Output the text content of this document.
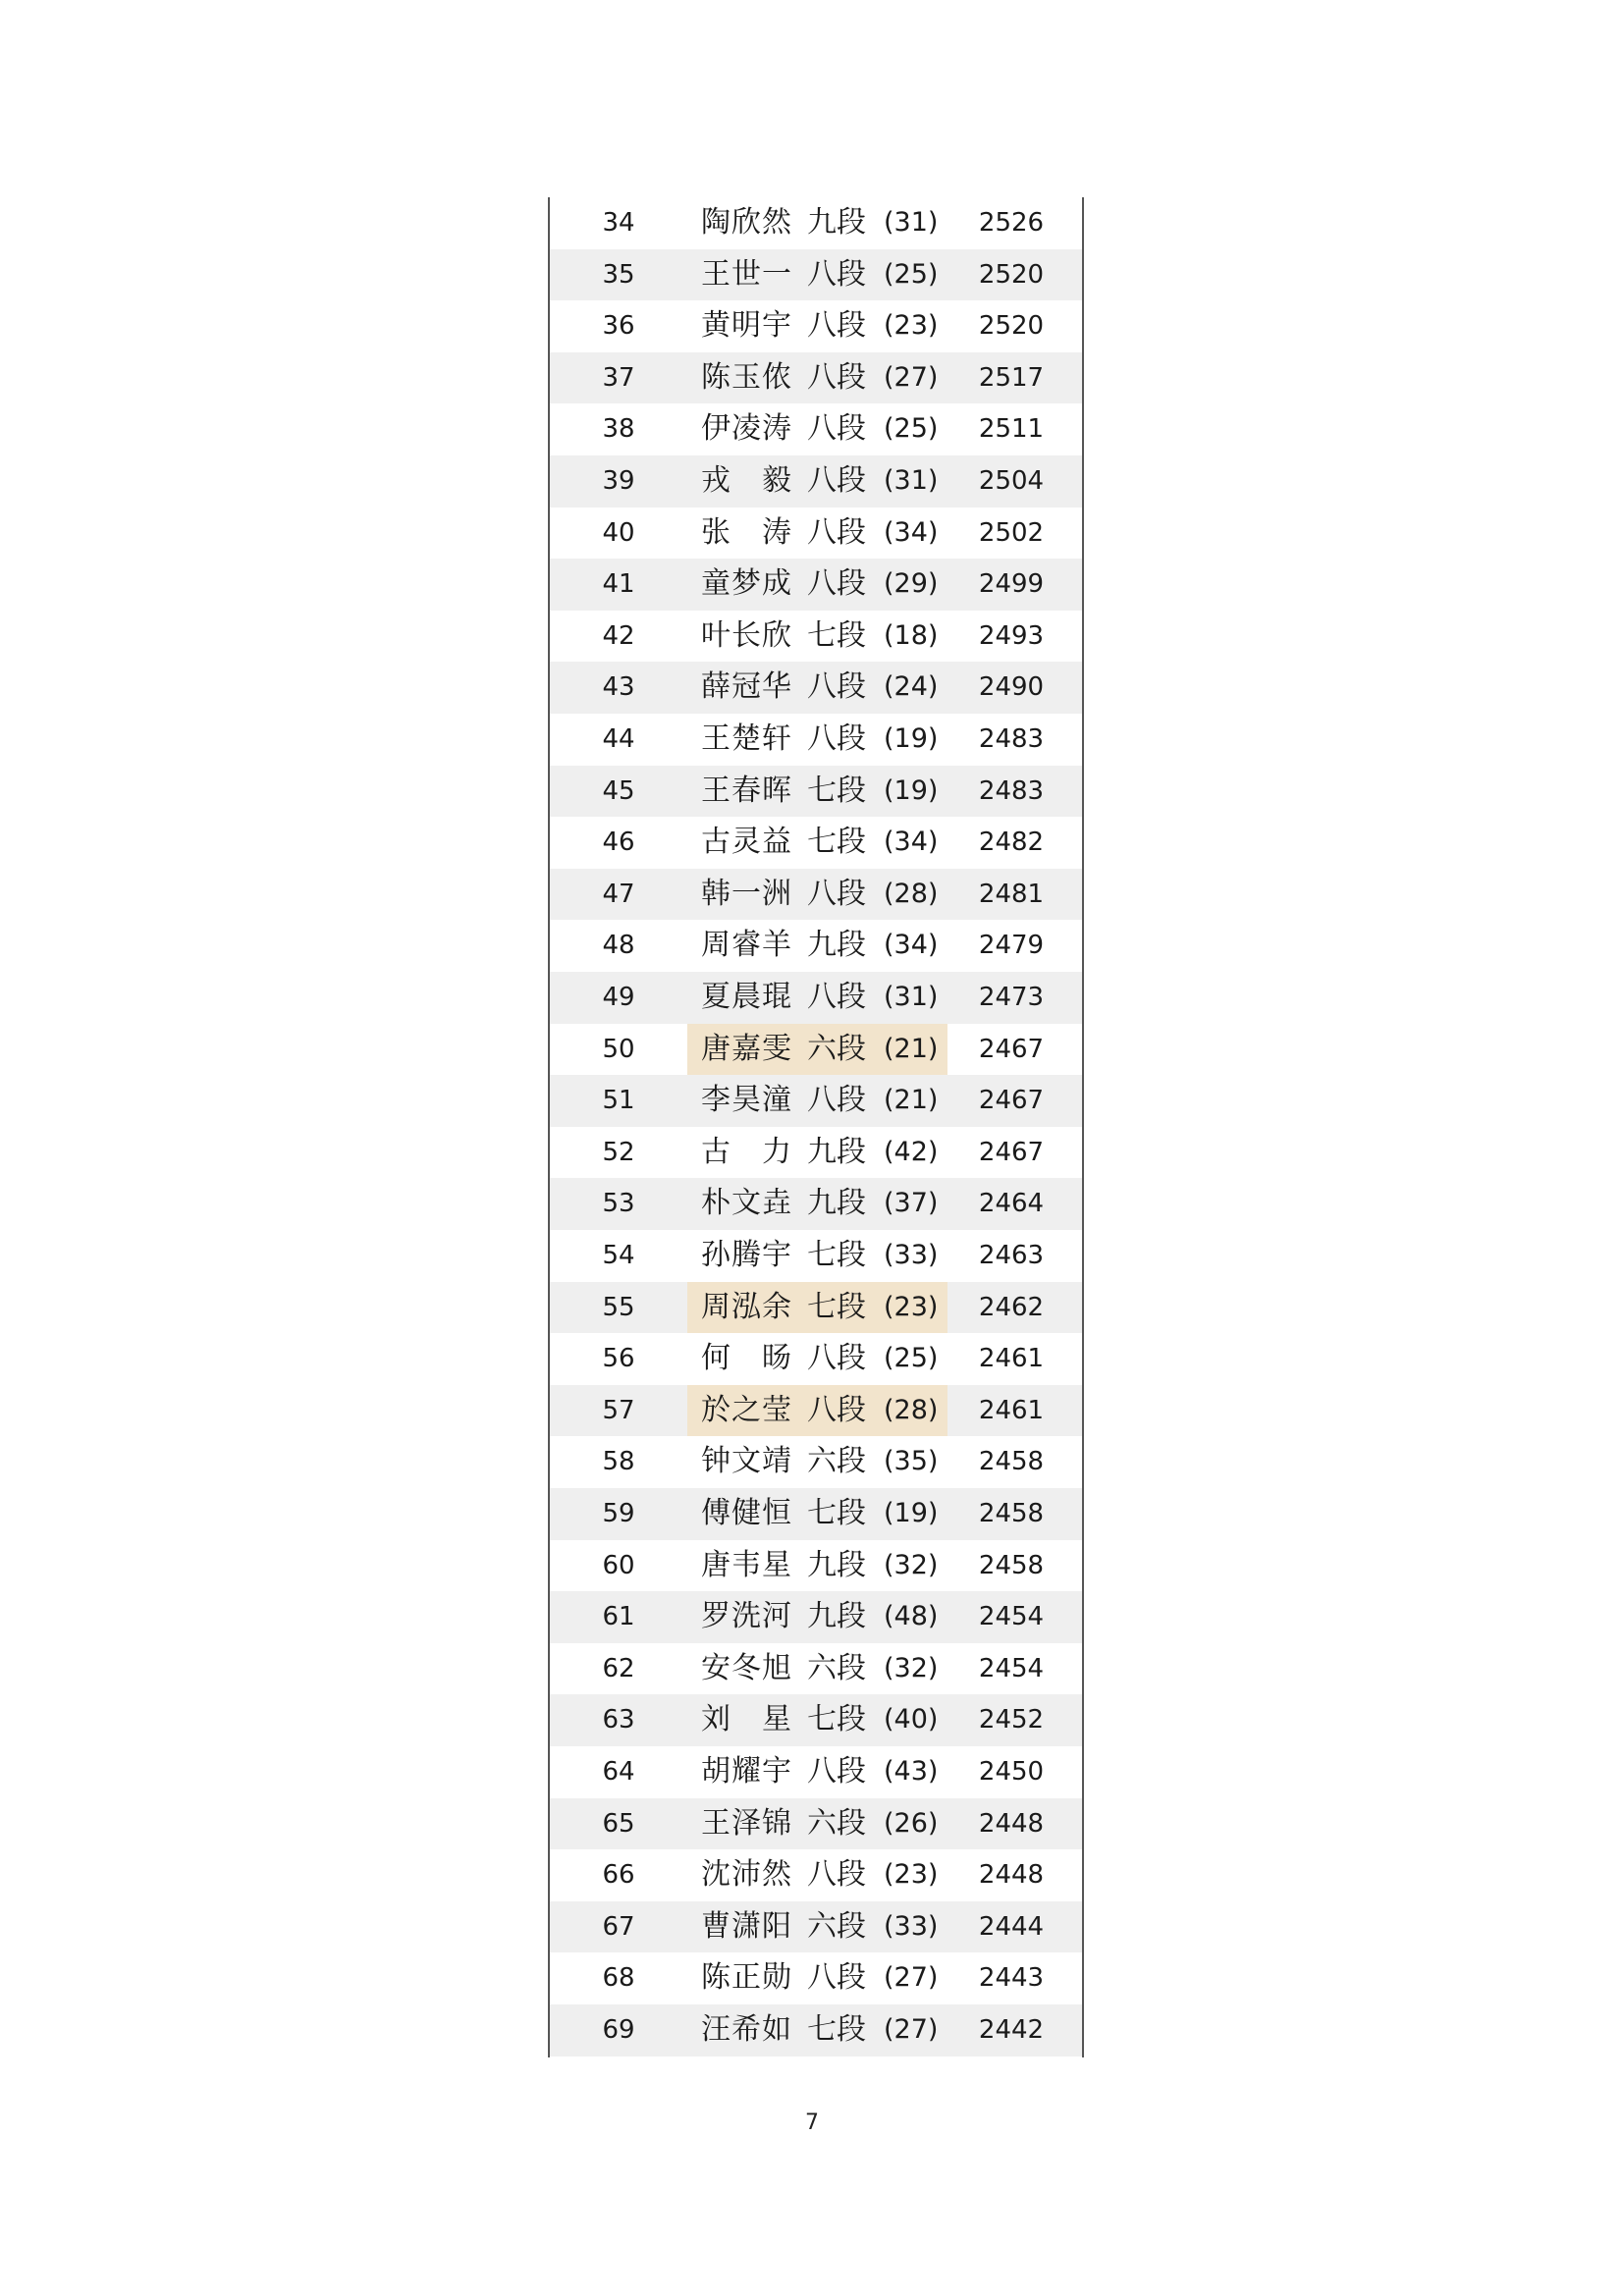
34	陶欣然 九段 (31)	2526
35	王世一 八段 (25)	2520
36	黄明宇 八段 (23)	2520
37	陈玉侬 八段 (27)	2517
38	伊凌涛 八段 (25)	2511
39	戎毅 八段 (31)	2504
40	张涛 八段 (34)	2502
41	童梦成 八段 (29)	2499
42	叶长欣 七段 (18)	2493
43	薛冠华 八段 (24)	2490
44	王楚轩 八段 (19)	2483
45	王春晖 七段 (19)	2483
46	古灵益 七段 (34)	2482
47	韩一洲 八段 (28)	2481
48	周睿羊 九段 (34)	2479
49	夏晨琨 八段 (31)	2473
50	唐嘉雯 六段 (21)	2467
51	李昊潼 八段 (21)	2467
52	古力 九段 (42)	2467
53	朴文垚 九段 (37)	2464
54	孙腾宇 七段 (33)	2463
55	周泓余 七段 (23)	2462
56	何旸 八段 (25)	2461
57	於之莹 八段 (28)	2461
58	钟文靖 六段 (35)	2458
59	傅健恒 七段 (19)	2458
60	唐韦星 九段 (32)	2458
61	罗洗河 九段 (48)	2454
62	安冬旭 六段 (32)	2454
63	刘星 七段 (40)	2452
64	胡耀宇 八段 (43)	2450
65	王泽锦 六段 (26)	2448
66	沈沛然 八段 (23)	2448
67	曹潇阳 六段 (33)	2444
68	陈正勋 八段 (27)	2443
69	汪希如 七段 (27)	2442
7
